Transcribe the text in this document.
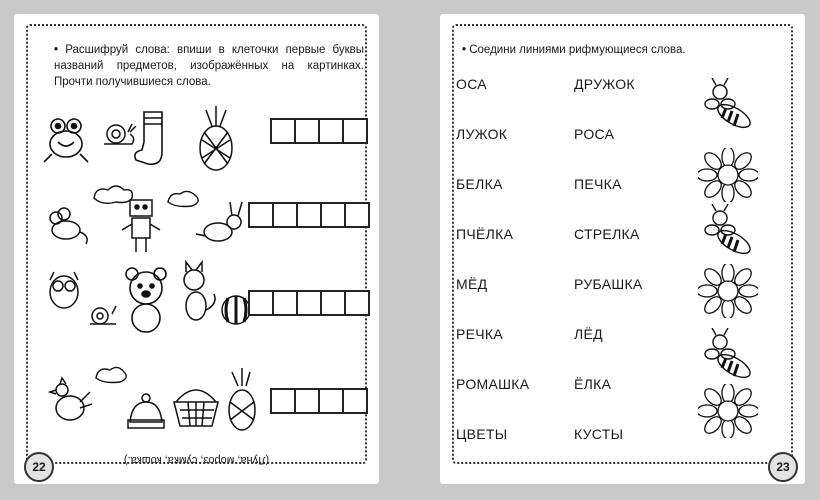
• Расшифруй слова: впиши в клеточки первые буквы названий предметов, изображённых на картинках. Прочти получившиеся слова.
(Луна, мороз, сумка, кошка.)
22
• Соедини линиями рифмующиеся слова.
ОСА
ЛУЖОК
БЕЛКА
ПЧЁЛКА
МЁД
РЕЧКА
РОМАШКА
ЦВЕТЫ
ДРУЖОК
РОСА
ПЕЧКА
СТРЕЛКА
РУБАШКА
ЛЁД
ЁЛКА
КУСТЫ
23
